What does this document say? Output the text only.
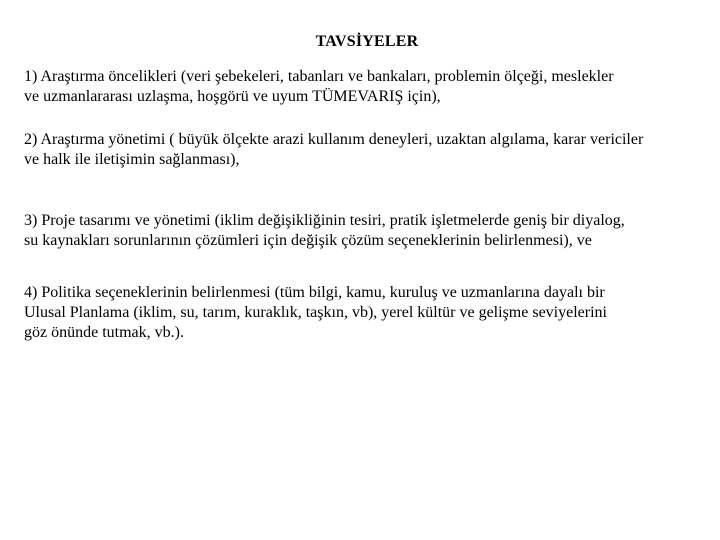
TAVSİYELER

1) Araştırma öncelikleri (veri şebekeleri, tabanları ve bankaları, problemin ölçeği, meslekler
ve uzmanlararası uzlaşma, hoşgörü ve uyum TÜMEVARIŞ için),

2) Araştırma yönetimi ( büyük ölçekte arazi kullanım deneyleri, uzaktan algılama, karar vericiler
ve halk ile iletişimin sağlanması),

3) Proje tasarımı ve yönetimi (iklim değişikliğinin tesiri, pratik işletmelerde geniş bir diyalog,
su kaynakları sorunlarının çözümleri için değişik çözüm seçeneklerinin belirlenmesi), ve

4) Politika seçeneklerinin belirlenmesi (tüm bilgi, kamu, kuruluş ve uzmanlarına dayalı bir
Ulusal Planlama (iklim, su, tarım, kuraklık, taşkın, vb), yerel kültür ve gelişme seviyelerini
göz önünde tutmak, vb.).
